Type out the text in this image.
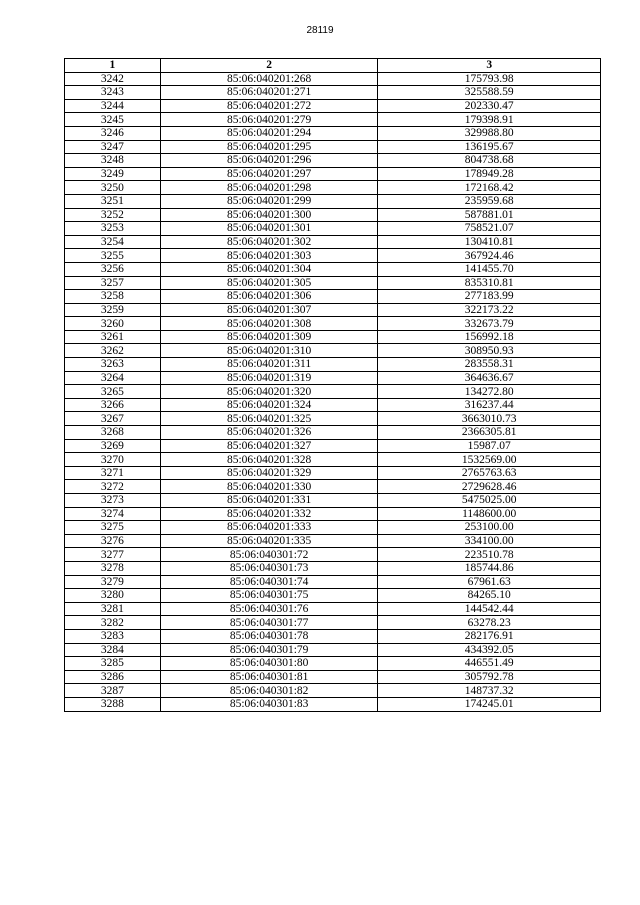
28119
1	2	3
3242	85:06:040201:268	175793.98
3243	85:06:040201:271	325588.59
3244	85:06:040201:272	202330.47
3245	85:06:040201:279	179398.91
3246	85:06:040201:294	329988.80
3247	85:06:040201:295	136195.67
3248	85:06:040201:296	804738.68
3249	85:06:040201:297	178949.28
3250	85:06:040201:298	172168.42
3251	85:06:040201:299	235959.68
3252	85:06:040201:300	587881.01
3253	85:06:040201:301	758521.07
3254	85:06:040201:302	130410.81
3255	85:06:040201:303	367924.46
3256	85:06:040201:304	141455.70
3257	85:06:040201:305	835310.81
3258	85:06:040201:306	277183.99
3259	85:06:040201:307	322173.22
3260	85:06:040201:308	332673.79
3261	85:06:040201:309	156992.18
3262	85:06:040201:310	308950.93
3263	85:06:040201:311	283558.31
3264	85:06:040201:319	364636.67
3265	85:06:040201:320	134272.80
3266	85:06:040201:324	316237.44
3267	85:06:040201:325	3663010.73
3268	85:06:040201:326	2366305.81
3269	85:06:040201:327	15987.07
3270	85:06:040201:328	1532569.00
3271	85:06:040201:329	2765763.63
3272	85:06:040201:330	2729628.46
3273	85:06:040201:331	5475025.00
3274	85:06:040201:332	1148600.00
3275	85:06:040201:333	253100.00
3276	85:06:040201:335	334100.00
3277	85:06:040301:72	223510.78
3278	85:06:040301:73	185744.86
3279	85:06:040301:74	67961.63
3280	85:06:040301:75	84265.10
3281	85:06:040301:76	144542.44
3282	85:06:040301:77	63278.23
3283	85:06:040301:78	282176.91
3284	85:06:040301:79	434392.05
3285	85:06:040301:80	446551.49
3286	85:06:040301:81	305792.78
3287	85:06:040301:82	148737.32
3288	85:06:040301:83	174245.01
